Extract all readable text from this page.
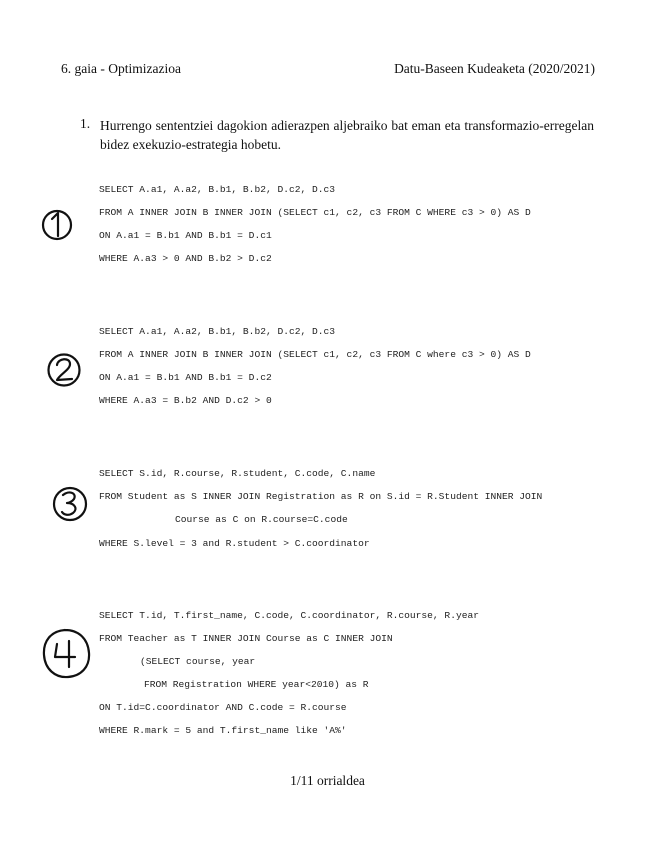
6. gaia - Optimizazioa	Datu-Baseen Kudeaketa (2020/2021)
1. Hurrengo sententziei dagokion adierazpen aljebraiko bat eman eta transformazio-erregelan bidez exekuzio-estrategia hobetu.
SELECT A.a1, A.a2, B.b1, B.b2, D.c2, D.c3
FROM A INNER JOIN B INNER JOIN (SELECT c1, c2, c3 FROM C WHERE c3 > 0) AS D
ON A.a1 = B.b1 AND B.b1 = D.c1
WHERE A.a3 > 0 AND B.b2 > D.c2
SELECT A.a1, A.a2, B.b1, B.b2, D.c2, D.c3
FROM A INNER JOIN B INNER JOIN (SELECT c1, c2, c3 FROM C where c3 > 0) AS D
ON A.a1 = B.b1 AND B.b1 = D.c2
WHERE A.a3 = B.b2 AND D.c2 > 0
SELECT S.id, R.course, R.student, C.code, C.name
FROM Student as S INNER JOIN Registration as R on S.id = R.Student INNER JOIN
Course as C on R.course=C.code
WHERE S.level = 3 and R.student > C.coordinator
SELECT T.id, T.first_name, C.code, C.coordinator, R.course, R.year
FROM Teacher as T INNER JOIN Course as C INNER JOIN
(SELECT course, year
FROM Registration WHERE year<2010) as R
ON T.id=C.coordinator AND C.code = R.course
WHERE R.mark = 5 and T.first_name like 'A%'
1/11 orrialdea
